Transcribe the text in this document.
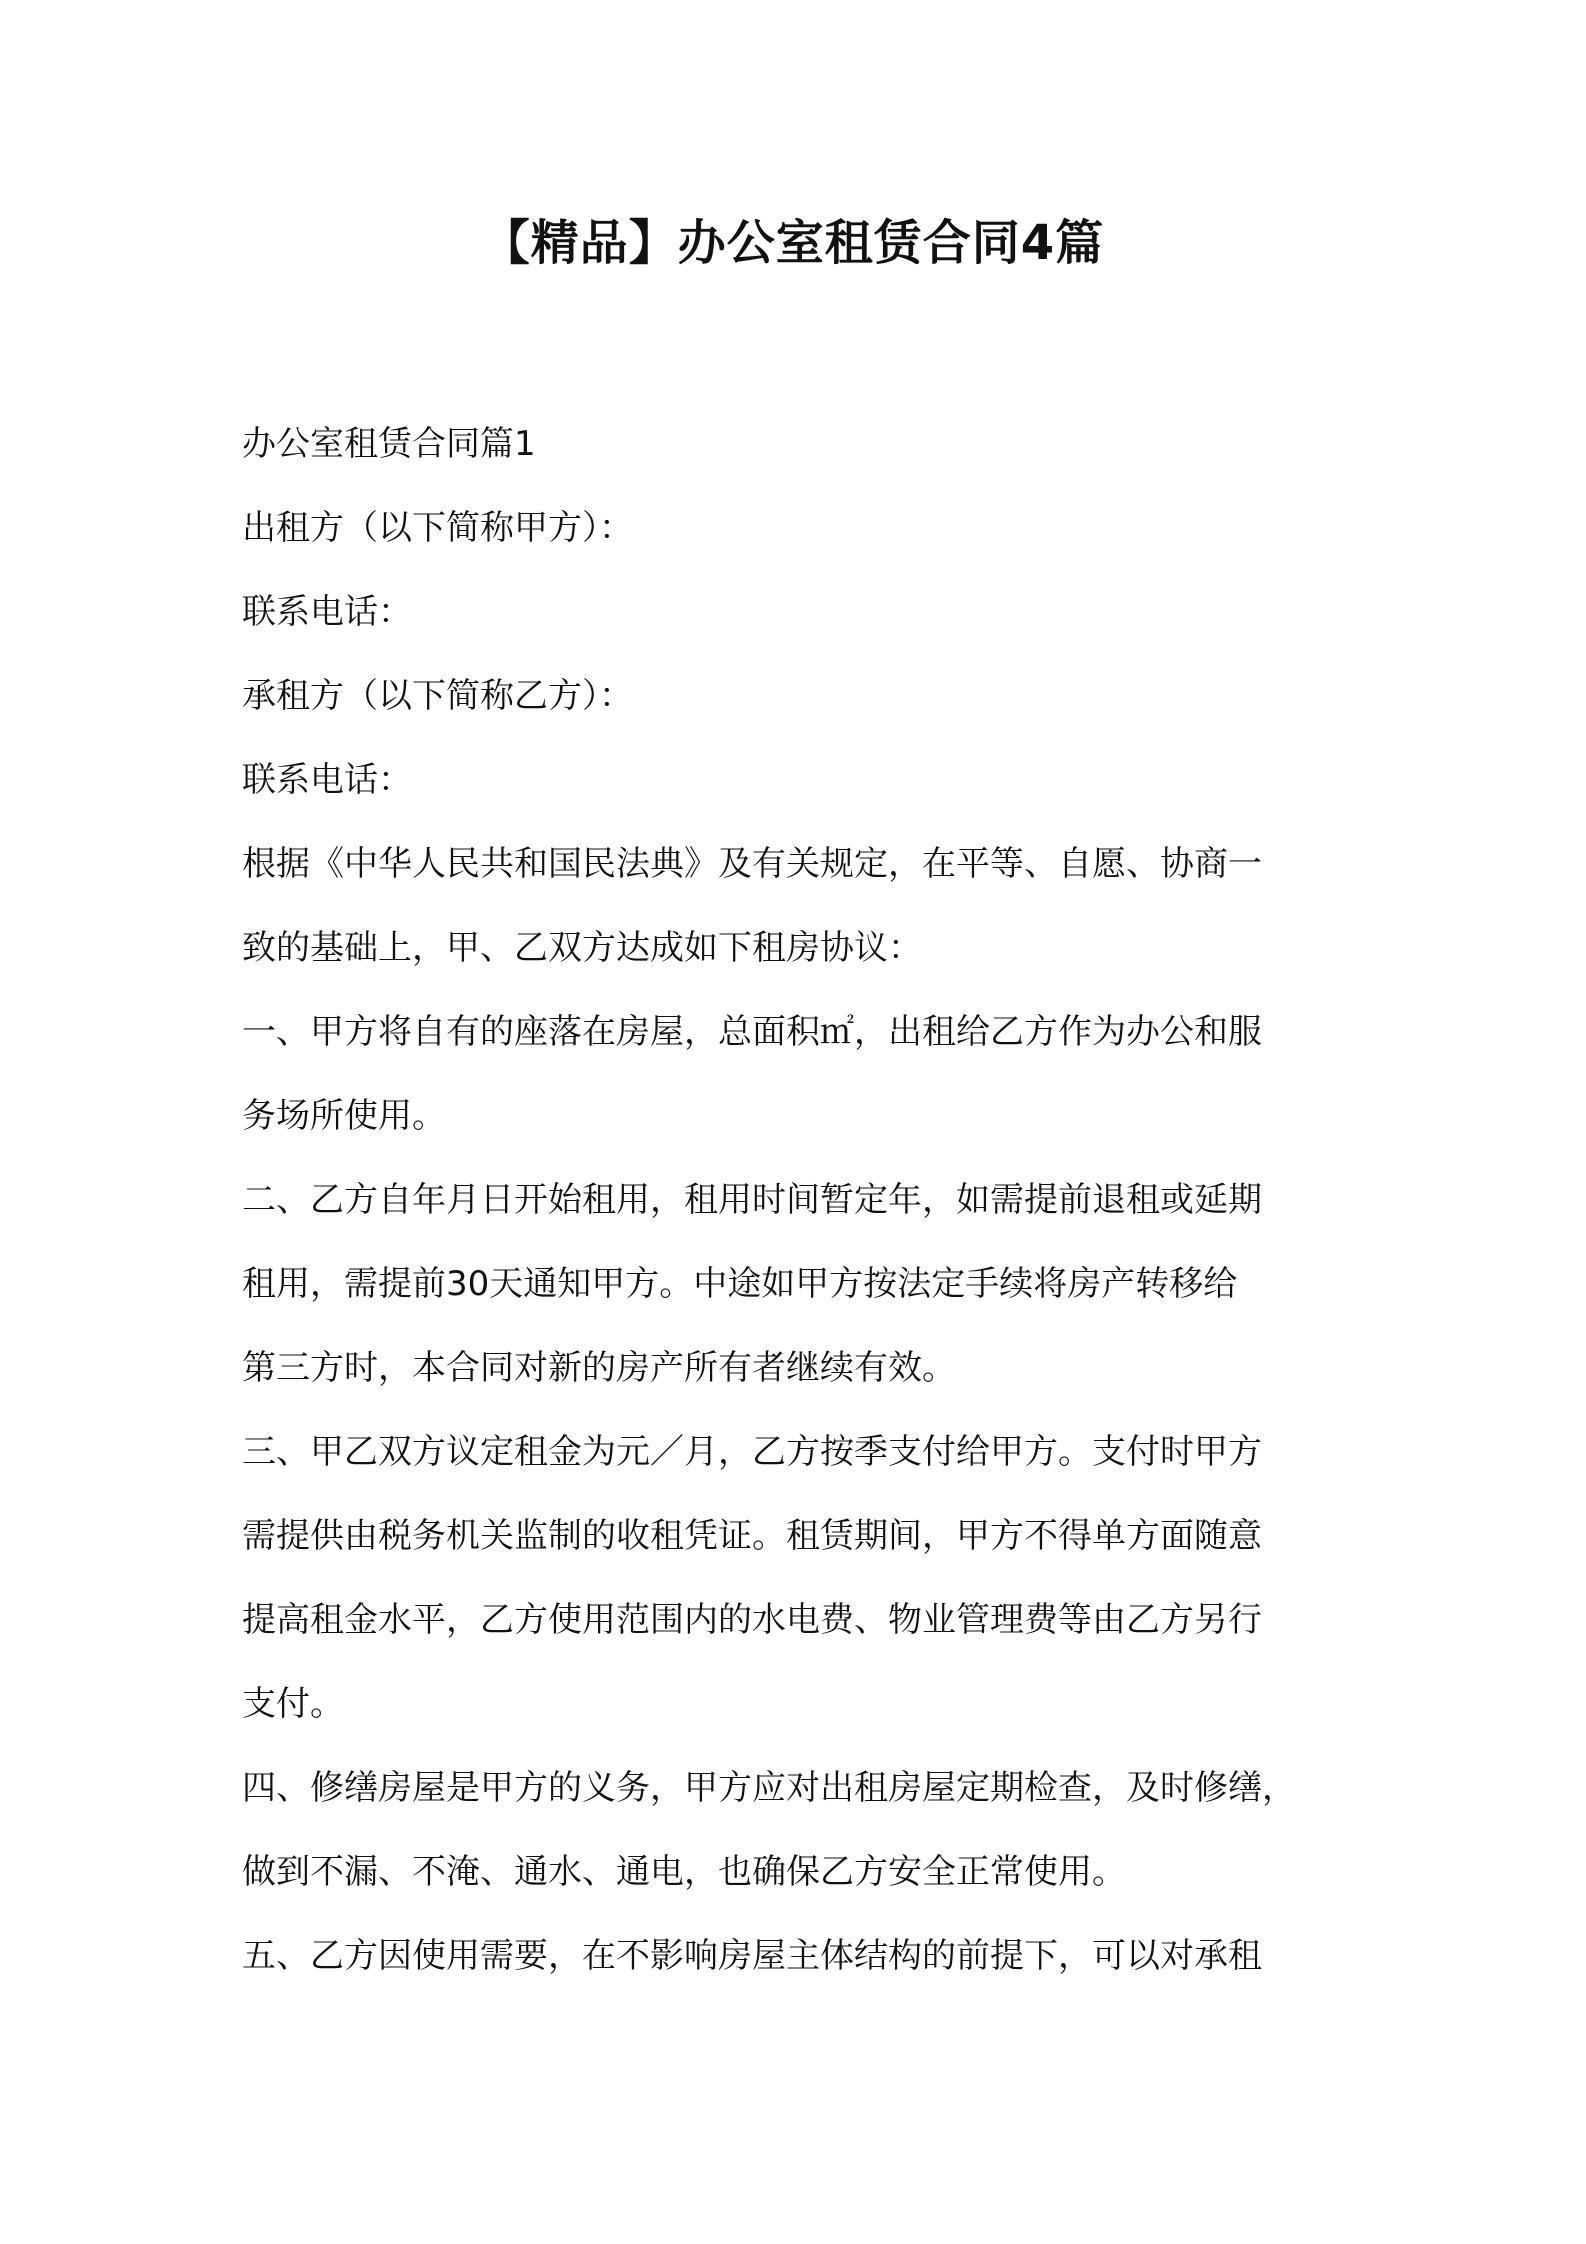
【精品】办公室租赁合同4篇

办公室租赁合同篇1

出租方（以下简称甲方）：

联系电话：

承租方（以下简称乙方）：

联系电话：

根据《中华人民共和国民法典》及有关规定，在平等、自愿、协商一

致的基础上，甲、乙双方达成如下租房协议：

一、甲方将自有的座落在房屋，总面积㎡，出租给乙方作为办公和服

务场所使用。

二、乙方自年月日开始租用，租用时间暂定年，如需提前退租或延期

租用，需提前30天通知甲方。中途如甲方按法定手续将房产转移给

第三方时，本合同对新的房产所有者继续有效。

三、甲乙双方议定租金为元／月，乙方按季支付给甲方。支付时甲方

需提供由税务机关监制的收租凭证。租赁期间，甲方不得单方面随意

提高租金水平，乙方使用范围内的水电费、物业管理费等由乙方另行

支付。

四、修缮房屋是甲方的义务，甲方应对出租房屋定期检查，及时修缮，

做到不漏、不淹、通水、通电，也确保乙方安全正常使用。

五、乙方因使用需要，在不影响房屋主体结构的前提下，可以对承租
